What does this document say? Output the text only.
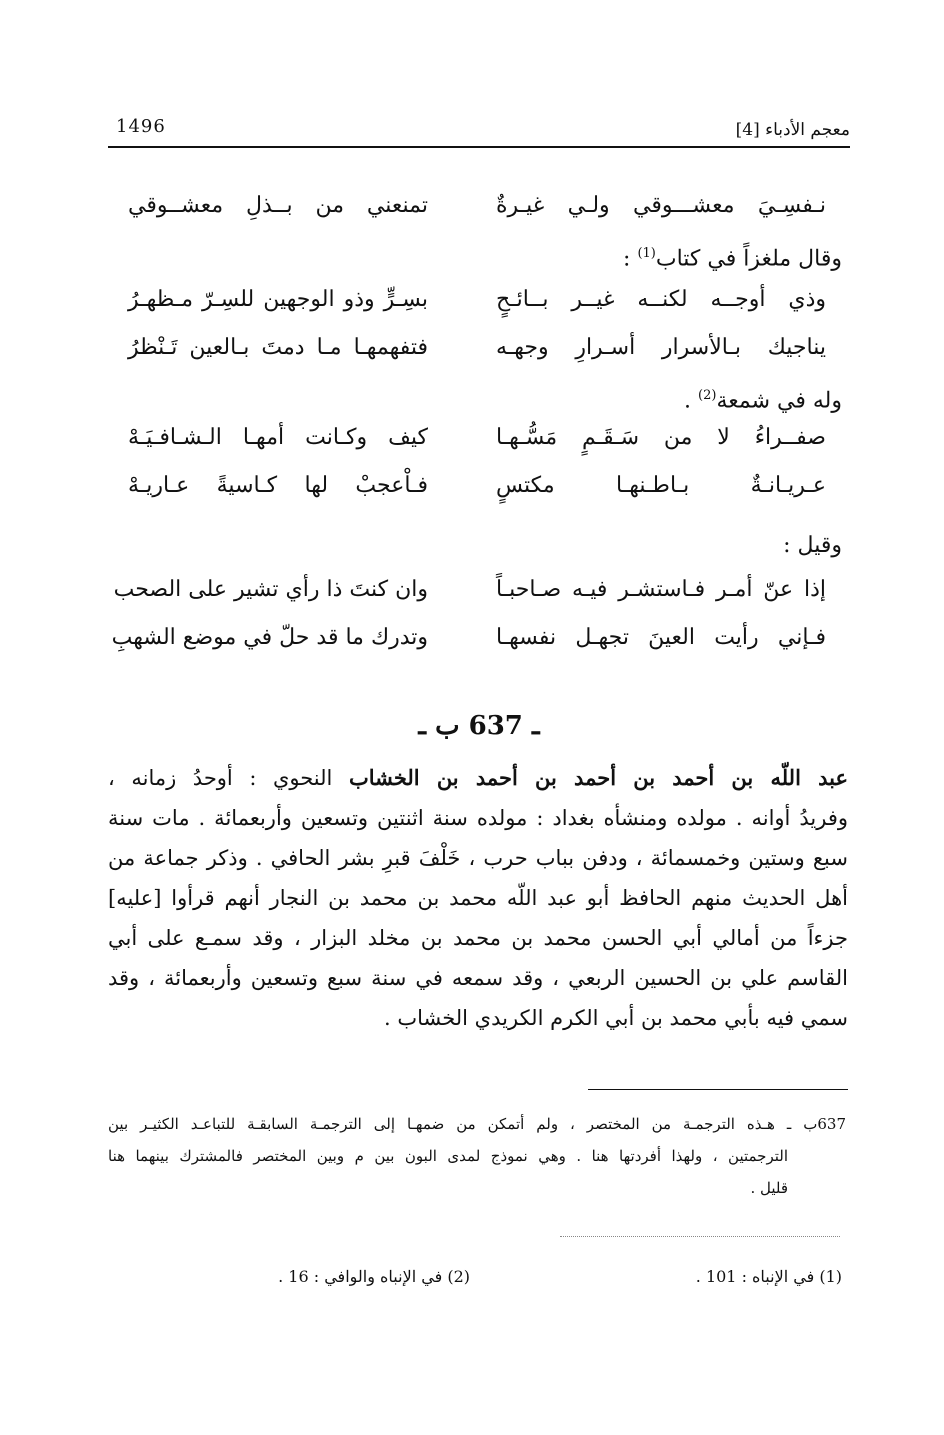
معجم الأدباء [4]
1496
نـفسِـيَ معشـــوقي ولـي غيـرةٌ
تمنعني من بــذلِ معشــوقي
وقال ملغزاً في كتاب$^{(1)}$ :
وذي أوجــه لكنــه غيــر بــائـحٍ
بسِـرٍّ وذو الوجهين للسِـرّ مـظهـرُ
يناجيك بـالأسرار أسـرارِ وجهـه
فتفهمهـا مـا دمتَ بـالعين تَـنْظرُ
وله في شمعة$^{(2)}$ .
صفــراءُ لا من سَـقَـمٍ مَسُّـهـا
كيف وكـانت أمهـا الـشـافـيَـهْ
عـريـانـةٌ بـاطـنهـا مكتسٍ
فـاْعجبْ لها كـاسيةً عـاريـهْ
وقيل :
إذا عنّ أمـر فـاستشـر فيـه صـاحبـاً
وان كنتَ ذا رأي تشير على الصحب
فـإني رأيت العينَ تجهـل نفسهـا
وتدرك ما قد حلّ في موضع الشهبِ
ـ 637 ب ـ
عبد اللّه بن أحمد بن أحمد بن أحمد بن الخشاب النحوي : أوحدُ زمانه ،
وفريدُ أوانه . مولده ومنشأه بغداد : مولده سنة اثنتين وتسعين وأربعمائة . مات سنة
سبع وستين وخمسمائة ، ودفن بباب حرب ، خَلْفَ قبرِ بشر الحافي . وذكر جماعة من
أهل الحديث منهم الحافظ أبو عبد اللّه محمد بن محمد بن النجار أنهم قرأوا [عليه]
جزءاً من أمالي أبي الحسن محمد بن محمد بن مخلد البزار ، وقد سمـع على أبي
القاسم علي بن الحسين الربعي ، وقد سمعه في سنة سبع وتسعين وأربعمائة ، وقد
سمي فيه بأبي محمد بن أبي الكرم الكريدي الخشاب .
637ب ـ هـذه الترجمـة من المختصر ، ولم أتمكن من ضمهـا إلى الترجمـة السابقـة للتباعـد الكثيـر بين
الترجمتين ، ولهذا أفردتها هنا . وهي نموذج لمدى البون بين م وبين المختصر فالمشترك بينهما هنا
قليل .
(1) في الإنباه : 101 .
(2) في الإنباه والوافي : 16 .
